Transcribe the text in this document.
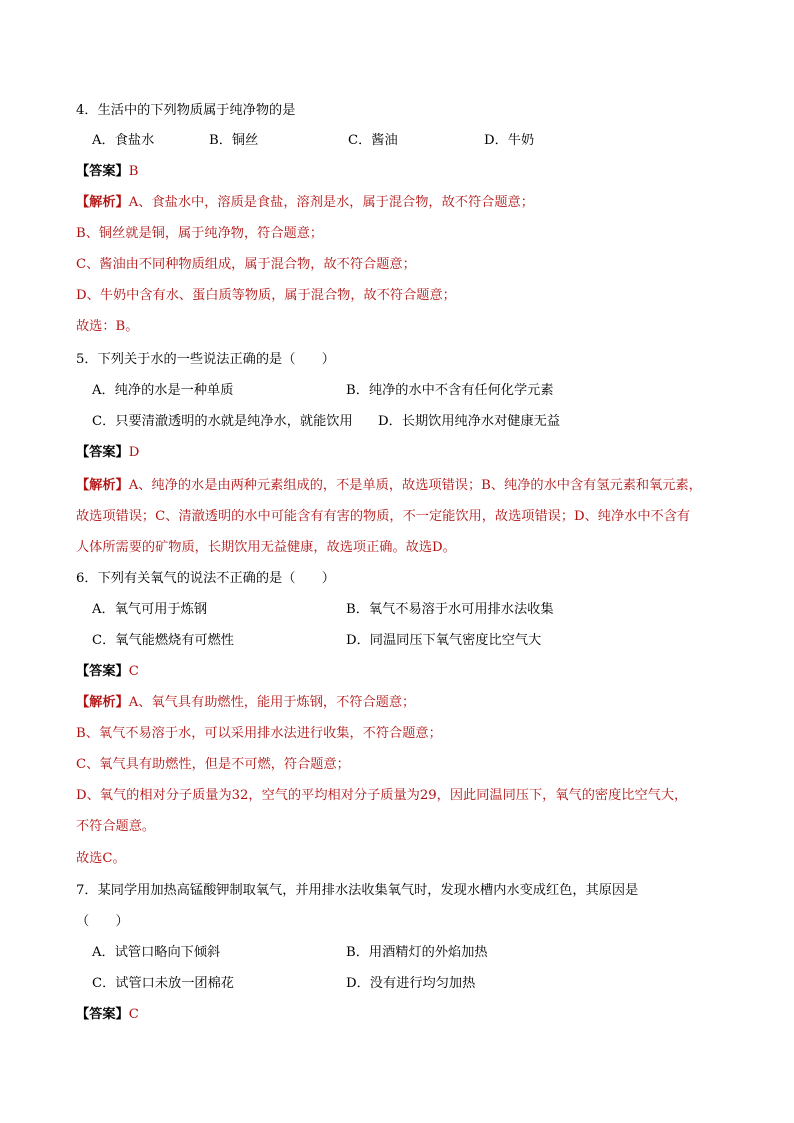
4．生活中的下列物质属于纯净物的是
A．食盐水	B．铜丝	C．酱油	D．牛奶
【答案】B
【解析】A、食盐水中，溶质是食盐，溶剂是水，属于混合物，故不符合题意；
B、铜丝就是铜，属于纯净物，符合题意；
C、酱油由不同种物质组成，属于混合物，故不符合题意；
D、牛奶中含有水、蛋白质等物质，属于混合物，故不符合题意；
故选：B。
5．下列关于水的一些说法正确的是（　　）
A．纯净的水是一种单质	B．纯净的水中不含有任何化学元素
C．只要清澈透明的水就是纯净水，就能饮用 D．长期饮用纯净水对健康无益
【答案】D
【解析】A、纯净的水是由两种元素组成的，不是单质，故选项错误；B、纯净的水中含有氢元素和氧元素，
故选项错误；C、清澈透明的水中可能含有有害的物质，不一定能饮用，故选项错误；D、纯净水中不含有
人体所需要的矿物质，长期饮用无益健康，故选项正确。故选D。
6．下列有关氧气的说法不正确的是（　　）
A．氧气可用于炼钢	B．氧气不易溶于水可用排水法收集
C．氧气能燃烧有可燃性	D．同温同压下氧气密度比空气大
【答案】C
【解析】A、氧气具有助燃性，能用于炼钢，不符合题意；
B、氧气不易溶于水，可以采用排水法进行收集，不符合题意；
C、氧气具有助燃性，但是不可燃，符合题意；
D、氧气的相对分子质量为32，空气的平均相对分子质量为29，因此同温同压下，氧气的密度比空气大，
不符合题意。
故选C。
7．某同学用加热高锰酸钾制取氧气，并用排水法收集氧气时，发现水槽内水变成红色，其原因是
（　　）
A．试管口略向下倾斜	B．用酒精灯的外焰加热
C．试管口未放一团棉花	D．没有进行均匀加热
【答案】C
